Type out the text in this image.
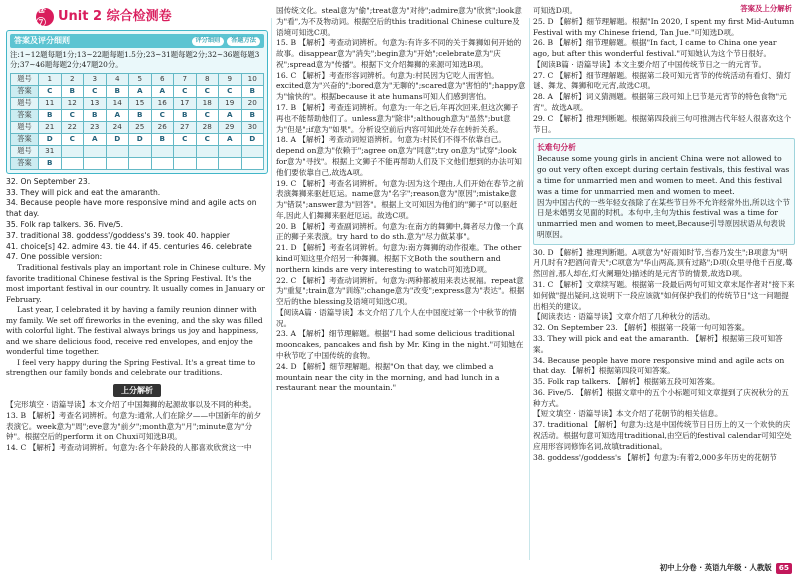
答案及上分解析
卷⑦ Unit 2 综合检测卷
答案及评分细则	评分细则	答题方法

注:1~12题每题1分;13~22题每题1.5分;23~31题每题2分;32~36题每题3分;37~46题每题2分;47题20分。

题号	1	2	3	4	5	6	7	8	9	10
答案	C	B	C	B	A	A	C	C	C	B
题号	11	12	13	14	15	16	17	18	19	20
答案	B	C	B	A	B	C	B	C	A	B
题号	21	22	23	24	25	26	27	28	29	30
答案	D	C	A	D	D	B	C	C	A	D
题号	31									
答案	B									

32. On September 23.

33. They will pick and eat the amaranth.

34. Because people have more responsive mind and agile acts on that day.

35. Folk rap talkers. 36. Five/5.

37. traditional 38. goddess'/goddess's 39. took 40. happier

41. choice[s] 42. admire 43. tie 44. if 45. centuries 46. celebrate

47. One possible version:

Traditional festivals play an important role in Chinese culture. My favorite traditional Chinese festival is the Spring Festival. It's the most important festival in our country. It usually comes in January or February.

Last year, I celebrated it by having a family reunion dinner with my family. We set off fireworks in the evening, and the sky was filled with colorful light. The festival always brings us joy and happiness, and we share delicious food, receive red envelopes, and enjoy the wonderful time together.

I feel very happy during the Spring Festival. It's a great time to strengthen our family bonds and celebrate our traditions.

上分解析

【完形填空 · 语篇导读】本文介绍了中国舞狮的起源故事以及不同的种类。

13. B 【解析】考查名词辨析。句意为:通常,人们在除夕——中国新年的前夕表演它。week意为"周";eve意为"前夕";month意为"月";minute意为"分钟"。根据空后的perform it on Chuxi可知选B项。

14. C 【解析】考查动词辨析。句意为:各个年龄段的人都喜欢欣赏这一中

国传统文化。steal意为"偷";treat意为"对待";admire意为"欣赏";look意为"看",为不及物动词。根据空后的this traditional Chinese culture及语境可知选C项。

15. B 【解析】考查动词辨析。句意为:有许多不同的关于舞狮如何开始的故事。disappear意为"消失";begin意为"开始";celebrate意为"庆祝";spread意为"传播"。根据下文介绍舞狮的来源可知选B项。

16. C 【解析】考查形容词辨析。句意为:村民因为它吃人而害怕。excited意为"兴奋的";bored意为"无聊的";scared意为"害怕的";happy意为"愉快的"。根据because it ate humans可知人们感到害怕。

17. B 【解析】考查连词辨析。句意为:一年之后,年再次回来,但这次狮子再也不能帮助他们了。unless意为"除非";although意为"虽然";but意为"但是";if意为"如果"。分析设空前后内容可知此处存在转折关系。

18. A 【解析】考查动词短语辨析。句意为:村民们不得不依靠自己。depend on意为"依赖于";agree on意为"同意";try on意为"试穿";look for意为"寻找"。根据上文狮子不能再帮助人们及下文他们想到的办法可知他们要依靠自己,故选A项。

19. C 【解析】考查名词辨析。句意为:因为这个理由,人们开始在春节之前表演舞狮来驱赶厄运。name意为"名字";reason意为"原因";mistake意为"错误";answer意为"回答"。根据上文可知因为他们的"狮子"可以驱赶年,因此人们舞狮来驱赶厄运。故选C项。

20. B 【解析】考查副词辨析。句意为:在南方的舞狮中,舞者尽力像一个真正的狮子来表演。try hard to do sth.意为"尽力做某事"。

21. D 【解析】考查名词辨析。句意为:南方舞狮的动作很难。The other kind可知这里介绍另一种舞狮。根据下文Both the southern and northern kinds are very interesting to watch可知选D项。

22. C 【解析】考查动词辨析。句意为:两种都被用来表达祝福。repeat意为"重复";train意为"训练";change意为"改变";express意为"表达"。根据空后的the blessing及语境可知选C项。

【阅读A篇 · 语篇导读】本文介绍了几个人在中国度过第一个中秋节的情况。

23. A 【解析】细节理解题。根据"I had some delicious traditional mooncakes, pancakes and fish by Mr. King in the night."可知她在中秋节吃了中国传统的食物。

24. D 【解析】细节理解题。根据"On that day, we climbed a mountain near the city in the morning, and had lunch in a restaurant near the mountain."

可知选D项。

25. D 【解析】细节理解题。根据"In 2020, I spent my first Mid-Autumn Festival with my Chinese friend, Tan Jue."可知选D项。

26. B 【解析】细节理解题。根据"In fact, I came to China one year ago, but after this wonderful festival."可知她认为这个节日很好。

【阅读B篇 · 语篇导读】本文主要介绍了中国传统节日之一的元宵节。

27. C 【解析】细节理解题。根据第二段可知元宵节的传统活动有看灯、猜灯谜、舞龙、舞狮和吃元宵,故选C项。

28. A 【解析】词义猜测题。根据第三段可知上巳节是元宵节的特色食物"元宵"。故选A项。

29. C 【解析】推理判断题。根据第四段前三句可推测古代年轻人很喜欢这个节日。

长难句分析

Because some young girls in ancient China were not allowed to go out very often except during certain festivals, this festival was a time for unmarried men and women to meet. And this festival was a time for unmarried men and women to meet.

因为中国古代的一些年轻女孩除了在某些节日外不允许经常外出,所以这个节日是未婚男女见面的时机。本句中,主句为this festival was a time for unmarried men and women to meet,Because引导原因状语从句表说明原因。

30. D 【解析】推理判断题。A项意为"好雨知时节,当春乃发生";B项意为"明月几时有?把酒问青天";C项意为"华山两高,顶有过路";D项(众里寻他千百度,蓦然回首,那人却在,灯火阑珊处)描述的是元宵节的情景,故选D项。

31. C 【解析】文章续写题。根据第一段最后两句可知文章末尾作者对"接下来如何做"提出疑问,这说明下一段应该就"如何保护我们的传统节日"这一问题提出相关的建议。

【阅读表达 · 语篇导读】文章介绍了几种秋分的活动。

32. On September 23. 【解析】根据第一段第一句可知答案。

33. They will pick and eat the amaranth. 【解析】根据第三段可知答案。

34. Because people have more responsive mind and agile acts on that day. 【解析】根据第四段可知答案。

35. Folk rap talkers. 【解析】根据第五段可知答案。

36. Five/5. 【解析】根据文章中的五个小标题可知文章提到了庆祝秋分的五种方式。

【短文填空 · 语篇导读】本文介绍了花朝节的相关信息。

37. traditional 【解析】句意为:这是中国传统节日日历上的又一个欢快的庆祝活动。根据句意可知选用traditional,由空后的festival calendar可知空处应用形容词修饰名词,故填traditional。

38. goddess'/goddess's 【解析】句意为:有着2,000多年历史的花朝节

初中上分卷 · 英语九年级 · 人教版 65
